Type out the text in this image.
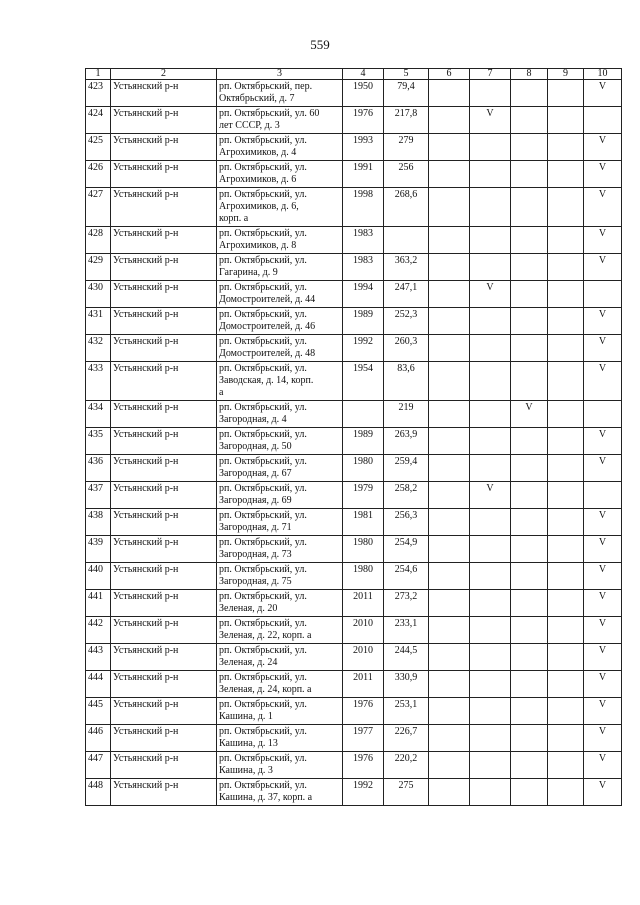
559
1	2	3	4	5	6	7	8	9	10
423	Устьянский р-н	рп. Октябрьский, пер.
Октябрьский, д. 7	1950	79,4					V
424	Устьянский р-н	рп. Октябрьский, ул. 60
лет СССР, д. 3	1976	217,8		V			
425	Устьянский р-н	рп. Октябрьский, ул.
Агрохимиков, д. 4	1993	279					V
426	Устьянский р-н	рп. Октябрьский, ул.
Агрохимиков, д. 6	1991	256					V
427	Устьянский р-н	рп. Октябрьский, ул.
Агрохимиков, д. 6,
корп. а	1998	268,6					V
428	Устьянский р-н	рп. Октябрьский, ул.
Агрохимиков, д. 8	1983						V
429	Устьянский р-н	рп. Октябрьский, ул.
Гагарина, д. 9	1983	363,2					V
430	Устьянский р-н	рп. Октябрьский, ул.
Домостроителей, д. 44	1994	247,1		V			
431	Устьянский р-н	рп. Октябрьский, ул.
Домостроителей, д. 46	1989	252,3					V
432	Устьянский р-н	рп. Октябрьский, ул.
Домостроителей, д. 48	1992	260,3					V
433	Устьянский р-н	рп. Октябрьский, ул.
Заводская, д. 14, корп.
а	1954	83,6					V
434	Устьянский р-н	рп. Октябрьский, ул.
Загородная, д. 4		219			V		
435	Устьянский р-н	рп. Октябрьский, ул.
Загородная, д. 50	1989	263,9					V
436	Устьянский р-н	рп. Октябрьский, ул.
Загородная, д. 67	1980	259,4					V
437	Устьянский р-н	рп. Октябрьский, ул.
Загородная, д. 69	1979	258,2		V			
438	Устьянский р-н	рп. Октябрьский, ул.
Загородная, д. 71	1981	256,3					V
439	Устьянский р-н	рп. Октябрьский, ул.
Загородная, д. 73	1980	254,9					V
440	Устьянский р-н	рп. Октябрьский, ул.
Загородная, д. 75	1980	254,6					V
441	Устьянский р-н	рп. Октябрьский, ул.
Зеленая, д. 20	2011	273,2					V
442	Устьянский р-н	рп. Октябрьский, ул.
Зеленая, д. 22, корп. а	2010	233,1					V
443	Устьянский р-н	рп. Октябрьский, ул.
Зеленая, д. 24	2010	244,5					V
444	Устьянский р-н	рп. Октябрьский, ул.
Зеленая, д. 24, корп. а	2011	330,9					V
445	Устьянский р-н	рп. Октябрьский, ул.
Кашина, д. 1	1976	253,1					V
446	Устьянский р-н	рп. Октябрьский, ул.
Кашина, д. 13	1977	226,7					V
447	Устьянский р-н	рп. Октябрьский, ул.
Кашина, д. 3	1976	220,2					V
448	Устьянский р-н	рп. Октябрьский, ул.
Кашина, д. 37, корп. а	1992	275					V
